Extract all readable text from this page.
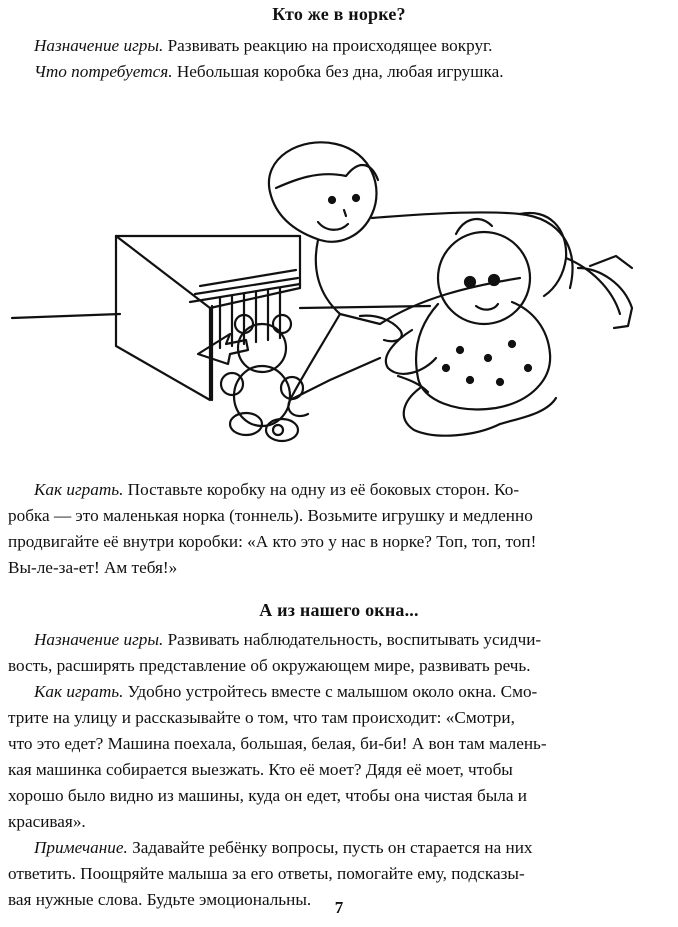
Кто же в норке?
Назначение игры. Развивать реакцию на происходящее вокруг.
Что потребуется. Небольшая коробка без дна, любая игрушка.
Как играть. Поставьте коробку на одну из её боковых сторон. Ко-
робка — это маленькая норка (тоннель). Возьмите игрушку и медленно
продвигайте её внутри коробки: «А кто это у нас в норке? Топ, топ, топ!
Вы-ле-за-ет! Ам тебя!»
А из нашего окна...
Назначение игры. Развивать наблюдательность, воспитывать усидчи-
вость, расширять представление об окружающем мире, развивать речь.
Как играть. Удобно устройтесь вместе с малышом около окна. Смо-
трите на улицу и рассказывайте о том, что там происходит: «Смотри,
что это едет? Машина поехала, большая, белая, би-би! А вон там малень-
кая машинка собирается выезжать. Кто её моет? Дядя её моет, чтобы
хорошо было видно из машины, куда он едет, чтобы она чистая была и
красивая».
Примечание. Задавайте ребёнку вопросы, пусть он старается на них
ответить. Поощряйте малыша за его ответы, помогайте ему, подсказы-
вая нужные слова. Будьте эмоциональны.	7
